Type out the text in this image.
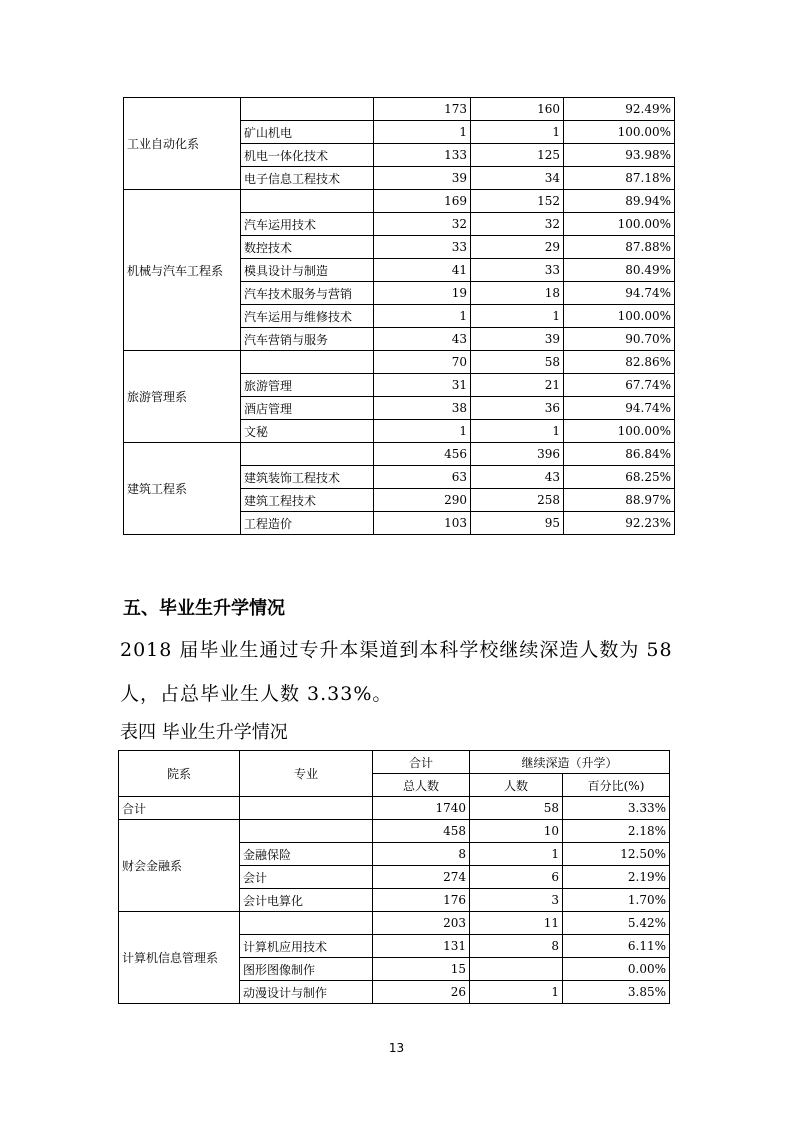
工业自动化系		173	160	92.49%
	矿山机电	1	1	100.00%
	机电一体化技术	133	125	93.98%
	电子信息工程技术	39	34	87.18%
机械与汽车工程系		169	152	89.94%
	汽车运用技术	32	32	100.00%
	数控技术	33	29	87.88%
	模具设计与制造	41	33	80.49%
	汽车技术服务与营销	19	18	94.74%
	汽车运用与维修技术	1	1	100.00%
	汽车营销与服务	43	39	90.70%
旅游管理系		70	58	82.86%
	旅游管理	31	21	67.74%
	酒店管理	38	36	94.74%
	文秘	1	1	100.00%
建筑工程系		456	396	86.84%
	建筑装饰工程技术	63	43	68.25%
	建筑工程技术	290	258	88.97%
	工程造价	103	95	92.23%
五、毕业生升学情况
2018 届毕业生通过专升本渠道到本科学校继续深造人数为 58
人，占总毕业生人数 3.33%。
表四 毕业生升学情况
院系	专业	合计	继续深造（升学）	
		总人数	人数	百分比(%)
合计		1740	58	3.33%
财会金融系		458	10	2.18%
	金融保险	8	1	12.50%
	会计	274	6	2.19%
	会计电算化	176	3	1.70%
计算机信息管理系		203	11	5.42%
	计算机应用技术	131	8	6.11%
	图形图像制作	15		0.00%
	动漫设计与制作	26	1	3.85%
13
